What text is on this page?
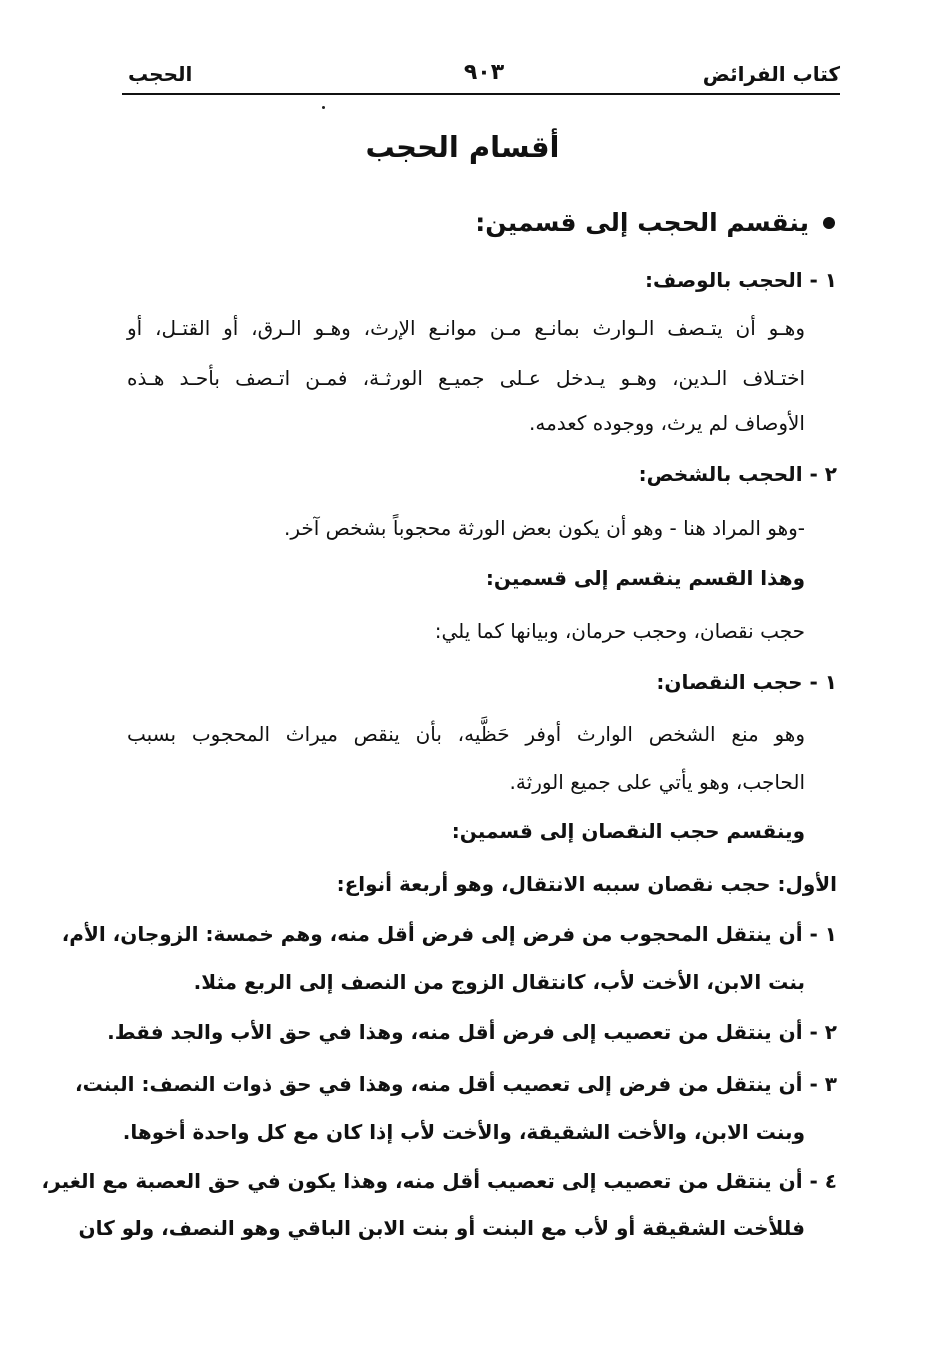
كتاب الفرائض
٩٠٣
الحجب
أقسام الحجب
ينقسم الحجب إلى قسمين:
١ - الحجب بالوصف:
وهـو أن يتـصف الـوارث بمانـع مـن موانـع الإرث، وهـو الـرق، أو القتـل، أو
اختـلاف الـدين، وهـو يـدخل عـلى جميـع الورثـة، فمـن اتـصف بأحـد هـذه
الأوصاف لم يرث، ووجوده كعدمه.
٢ - الحجب بالشخص:
-وهو المراد هنا - وهو أن يكون بعض الورثة محجوباً بشخص آخر.
وهذا القسم ينقسم إلى قسمين:
حجب نقصان، وحجب حرمان، وبيانها كما يلي:
١ - حجب النقصان:
وهو منع الشخص الوارث أوفر حَظَّيه، بأن ينقص ميراث المحجوب بسبب
الحاجب، وهو يأتي على جميع الورثة.
وينقسم حجب النقصان إلى قسمين:
الأول: حجب نقصان سببه الانتقال، وهو أربعة أنواع:
١ - أن ينتقل المحجوب من فرض إلى فرض أقل منه، وهم خمسة: الزوجان، الأم،
بنت الابن، الأخت لأب، كانتقال الزوج من النصف إلى الربع مثلا.
٢ - أن ينتقل من تعصيب إلى فرض أقل منه، وهذا في حق الأب والجد فقط.
٣ - أن ينتقل من فرض إلى تعصيب أقل منه، وهذا في حق ذوات النصف: البنت،
وبنت الابن، والأخت الشقيقة، والأخت لأب إذا كان مع كل واحدة أخوها.
٤ - أن ينتقل من تعصيب إلى تعصيب أقل منه، وهذا يكون في حق العصبة مع الغير،
فللأخت الشقيقة أو لأب مع البنت أو بنت الابن الباقي وهو النصف، ولو كان
